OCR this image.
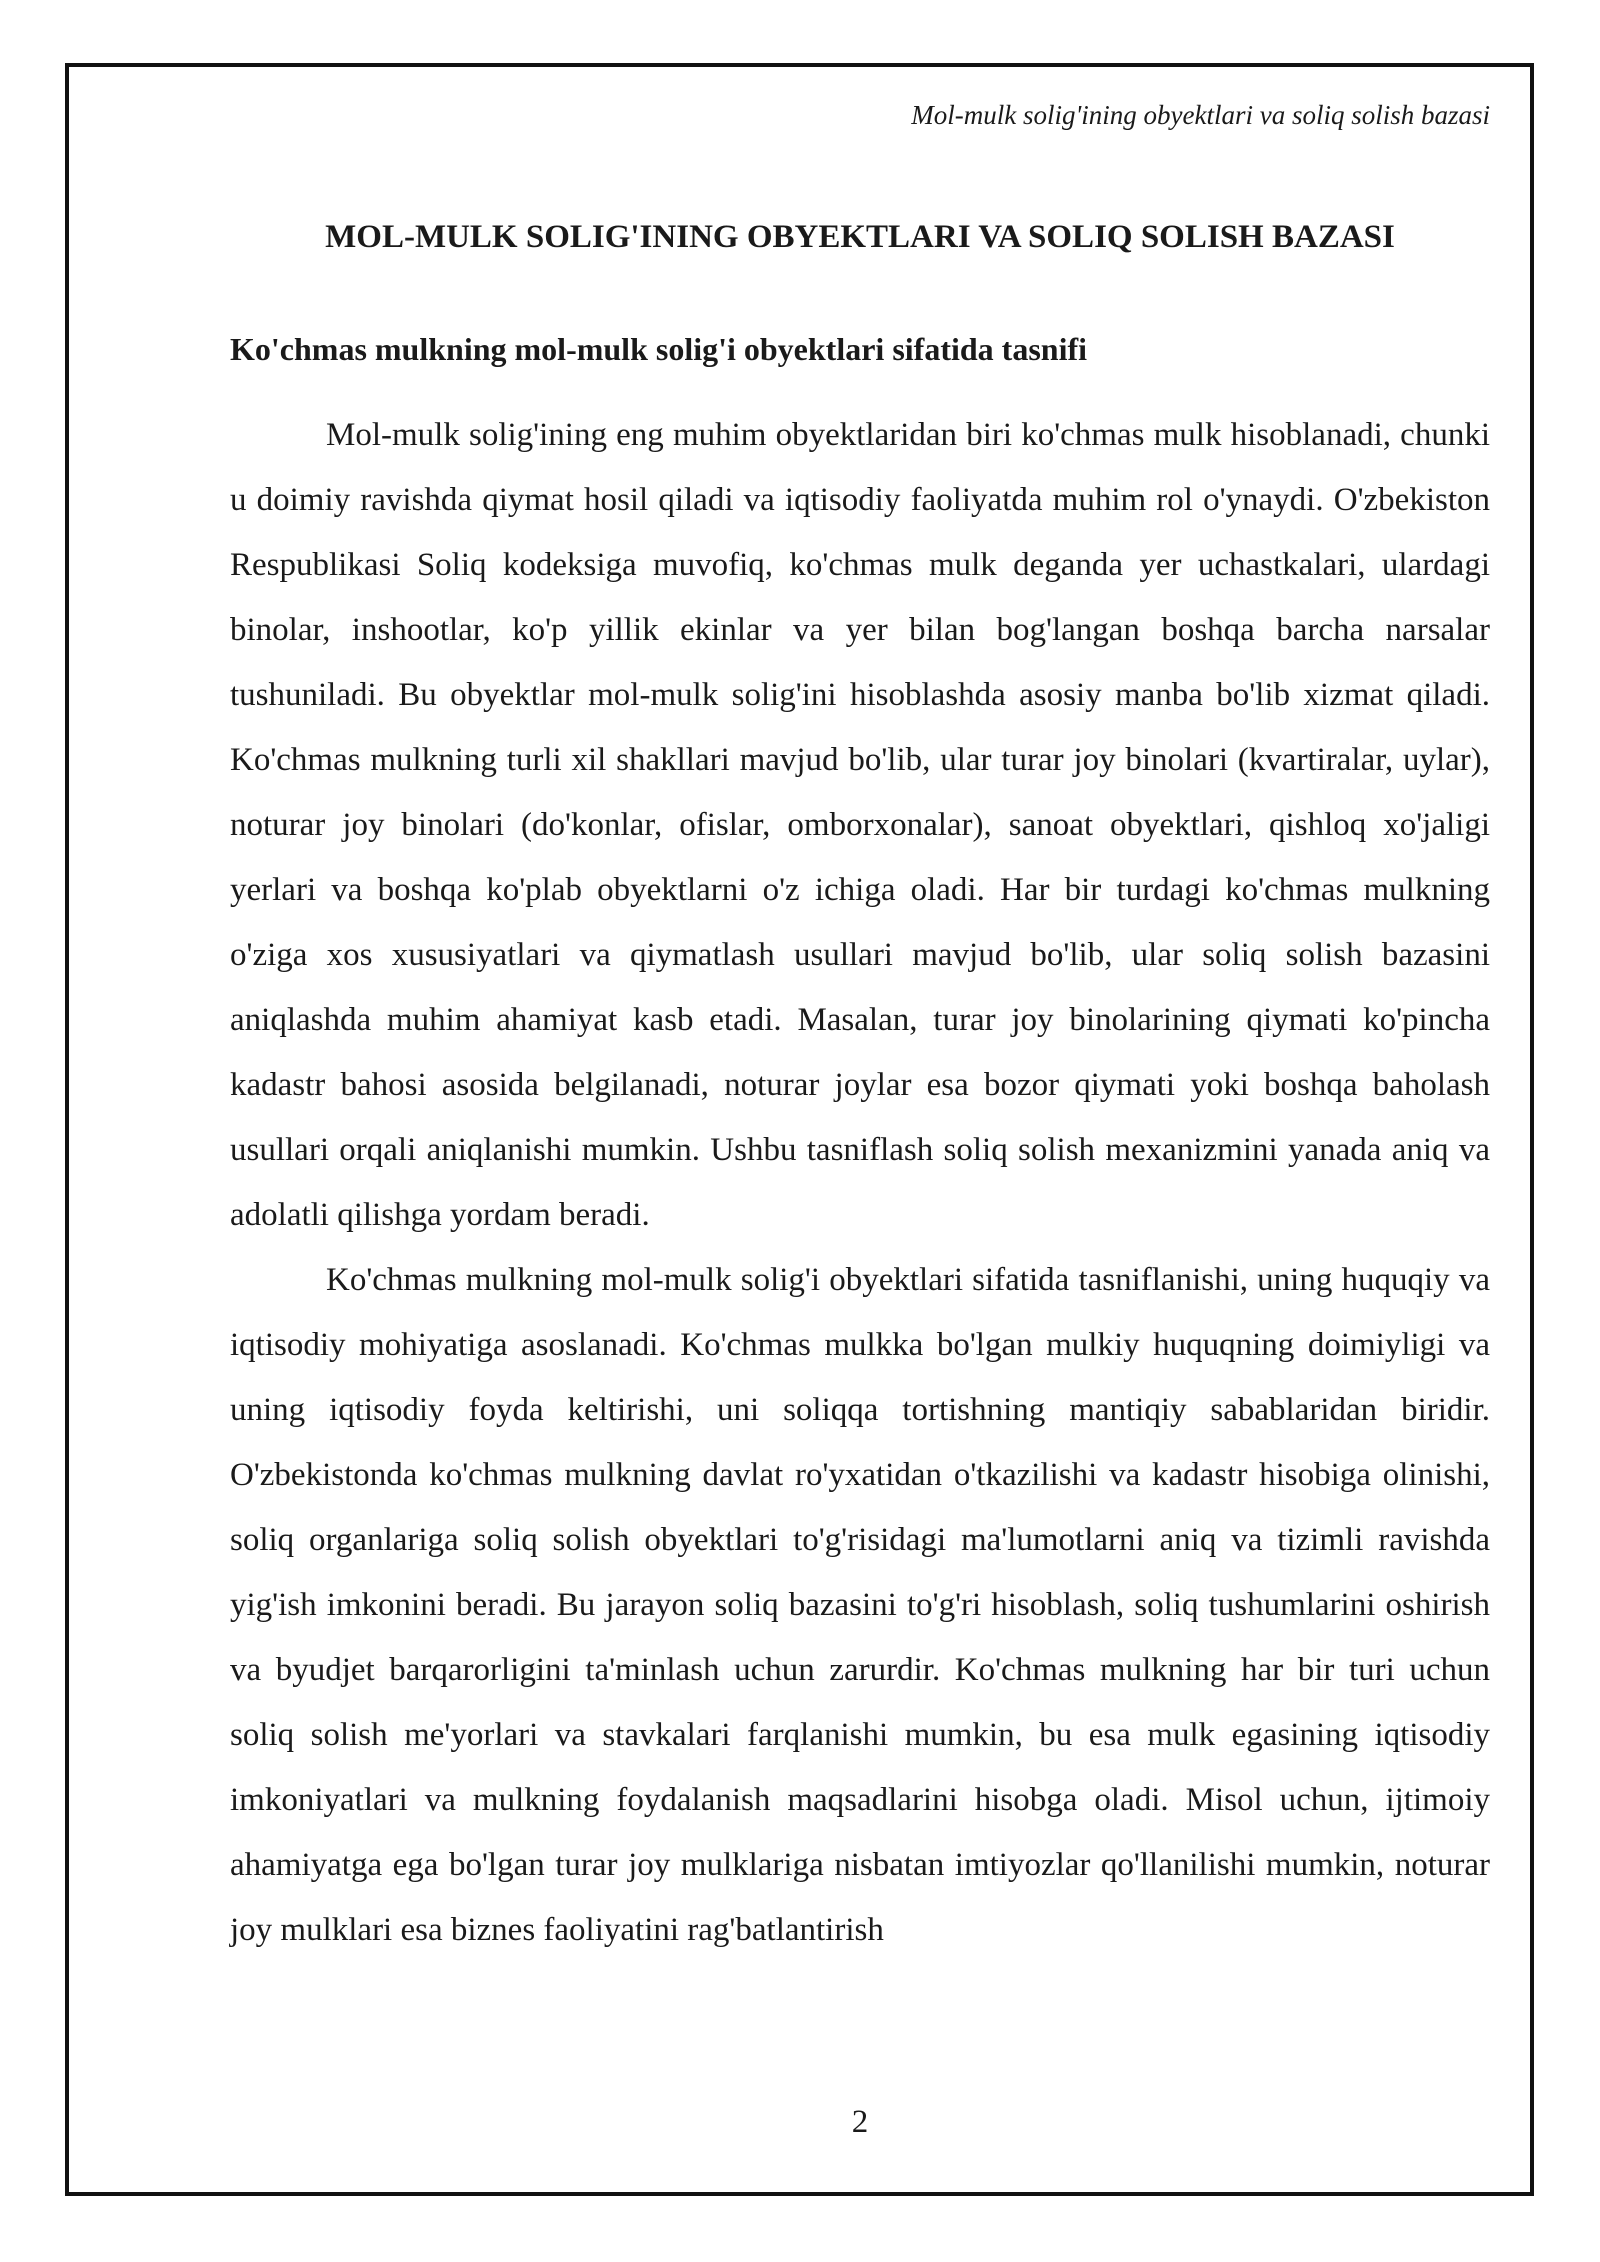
Mol-mulk solig'ining obyektlari va soliq solish bazasi
MOL-MULK SOLIG'INING OBYEKTLARI VA SOLIQ SOLISH BAZASI
Ko'chmas mulkning mol-mulk solig'i obyektlari sifatida tasnifi

Mol-mulk solig'ining eng muhim obyektlaridan biri ko'chmas mulk hisoblanadi, chunki u doimiy ravishda qiymat hosil qiladi va iqtisodiy faoliyatda muhim rol o'ynaydi. O'zbekiston Respublikasi Soliq kodeksiga muvofiq, ko'chmas mulk deganda yer uchastkalari, ulardagi binolar, inshootlar, ko'p yillik ekinlar va yer bilan bog'langan boshqa barcha narsalar tushuniladi. Bu obyektlar mol-mulk solig'ini hisoblashda asosiy manba bo'lib xizmat qiladi. Ko'chmas mulkning turli xil shakllari mavjud bo'lib, ular turar joy binolari (kvartiralar, uylar), noturar joy binolari (do'konlar, ofislar, omborxonalar), sanoat obyektlari, qishloq xo'jaligi yerlari va boshqa ko'plab obyektlarni o'z ichiga oladi. Har bir turdagi ko'chmas mulkning o'ziga xos xususiyatlari va qiymatlash usullari mavjud bo'lib, ular soliq solish bazasini aniqlashda muhim ahamiyat kasb etadi. Masalan, turar joy binolarining qiymati ko'pincha kadastr bahosi asosida belgilanadi, noturar joylar esa bozor qiymati yoki boshqa baholash usullari orqali aniqlanishi mumkin. Ushbu tasniflash soliq solish mexanizmini yanada aniq va adolatli qilishga yordam beradi.

Ko'chmas mulkning mol-mulk solig'i obyektlari sifatida tasniflanishi, uning huquqiy va iqtisodiy mohiyatiga asoslanadi. Ko'chmas mulkka bo'lgan mulkiy huquqning doimiyligi va uning iqtisodiy foyda keltirishi, uni soliqqa tortishning mantiqiy sabablaridan biridir. O'zbekistonda ko'chmas mulkning davlat ro'yxatidan o'tkazilishi va kadastr hisobiga olinishi, soliq organlariga soliq solish obyektlari to'g'risidagi ma'lumotlarni aniq va tizimli ravishda yig'ish imkonini beradi. Bu jarayon soliq bazasini to'g'ri hisoblash, soliq tushumlarini oshirish va byudjet barqarorligini ta'minlash uchun zarurdir. Ko'chmas mulkning har bir turi uchun soliq solish me'yorlari va stavkalari farqlanishi mumkin, bu esa mulk egasining iqtisodiy imkoniyatlari va mulkning foydalanish maqsadlarini hisobga oladi. Misol uchun, ijtimoiy ahamiyatga ega bo'lgan turar joy mulklariga nisbatan imtiyozlar qo'llanilishi mumkin, noturar joy mulklari esa biznes faoliyatini rag'batlantirish

2
